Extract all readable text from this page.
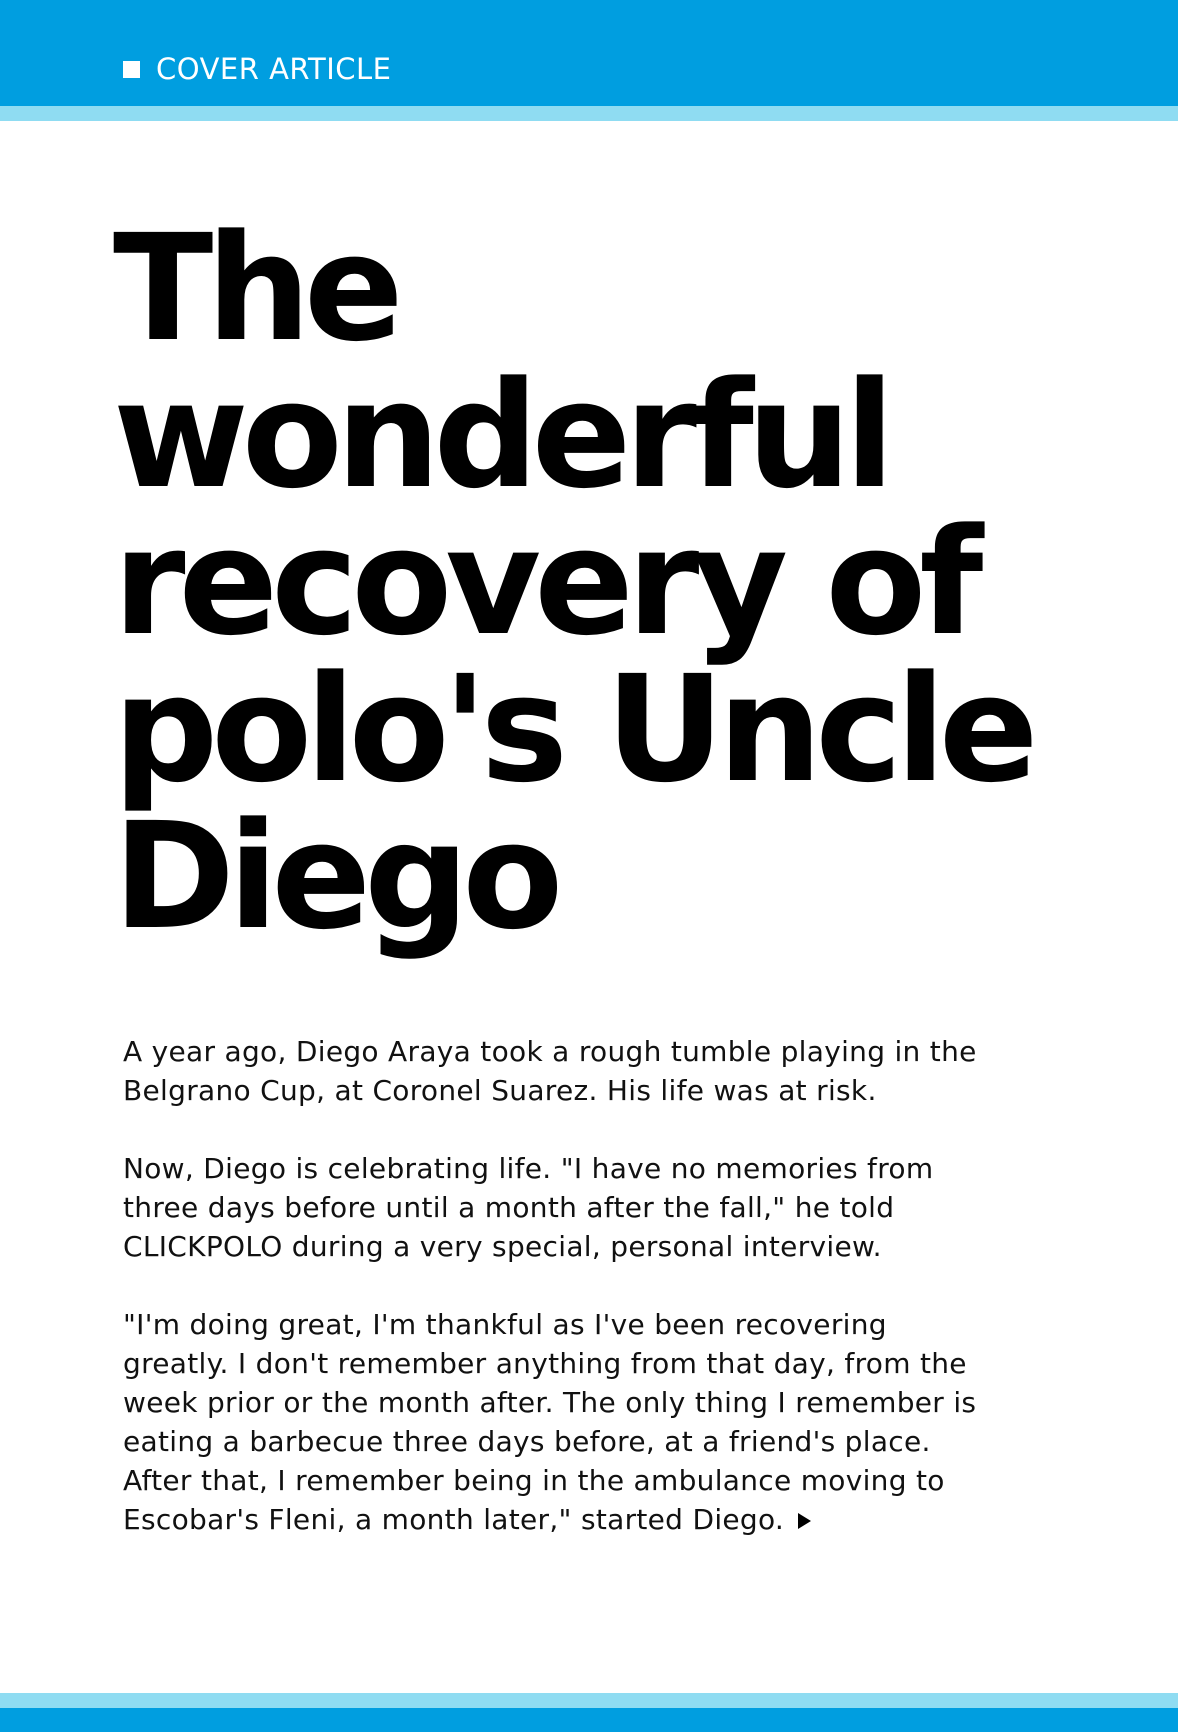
COVER ARTICLE
The
wonderful
recovery of
polo's Uncle
Diego

A year ago, Diego Araya took a rough tumble playing in the
Belgrano Cup, at Coronel Suarez. His life was at risk.

Now, Diego is celebrating life. "I have no memories from
three days before until a month after the fall," he told
CLICKPOLO during a very special, personal interview.

"I'm doing great, I'm thankful as I've been recovering
greatly. I don't remember anything from that day, from the
week prior or the month after. The only thing I remember is
eating a barbecue three days before, at a friend's place.
After that, I remember being in the ambulance moving to
Escobar's Fleni, a month later," started Diego.
